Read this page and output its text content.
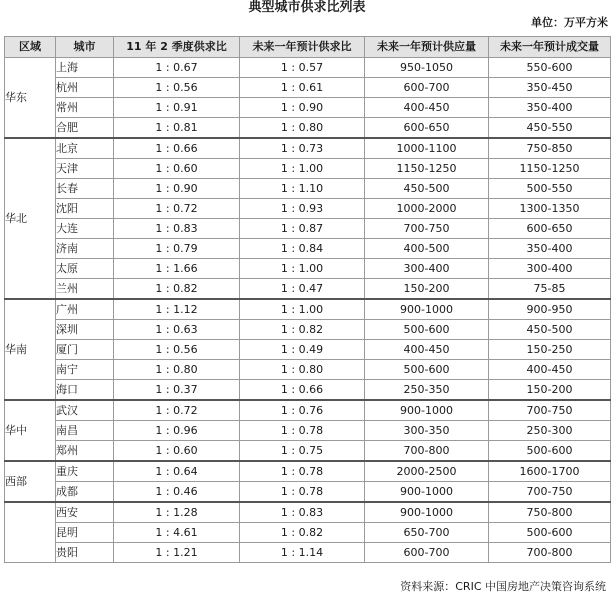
典型城市供求比列表
单位：万平方米
区域	城市	11 年 2 季度供求比	未来一年预计供求比	未来一年预计供应量	未来一年预计成交量
华东	上海	1 : 0.67	1 : 0.57	950-1050	550-600
	杭州	1 : 0.56	1 : 0.61	600-700	350-450
	常州	1 : 0.91	1 : 0.90	400-450	350-400
	合肥	1 : 0.81	1 : 0.80	600-650	450-550
华北	北京	1 : 0.66	1 : 0.73	1000-1100	750-850
	天津	1 : 0.60	1 : 1.00	1150-1250	1150-1250
	长春	1 : 0.90	1 : 1.10	450-500	500-550
	沈阳	1 : 0.72	1 : 0.93	1000-2000	1300-1350
	大连	1 : 0.83	1 : 0.87	700-750	600-650
	济南	1 : 0.79	1 : 0.84	400-500	350-400
	太原	1 : 1.66	1 : 1.00	300-400	300-400
	兰州	1 : 0.82	1 : 0.47	150-200	75-85
华南	广州	1 : 1.12	1 : 1.00	900-1000	900-950
	深圳	1 : 0.63	1 : 0.82	500-600	450-500
	厦门	1 : 0.56	1 : 0.49	400-450	150-250
	南宁	1 : 0.80	1 : 0.80	500-600	400-450
	海口	1 : 0.37	1 : 0.66	250-350	150-200
华中	武汉	1 : 0.72	1 : 0.76	900-1000	700-750
	南昌	1 : 0.96	1 : 0.78	300-350	250-300
	郑州	1 : 0.60	1 : 0.75	700-800	500-600
西部	重庆	1 : 0.64	1 : 0.78	2000-2500	1600-1700
	成都	1 : 0.46	1 : 0.78	900-1000	700-750
	西安	1 : 1.28	1 : 0.83	900-1000	750-800
	昆明	1 : 4.61	1 : 0.82	650-700	500-600
	贵阳	1 : 1.21	1 : 1.14	600-700	700-800
资料来源：CRIC 中国房地产决策咨询系统
